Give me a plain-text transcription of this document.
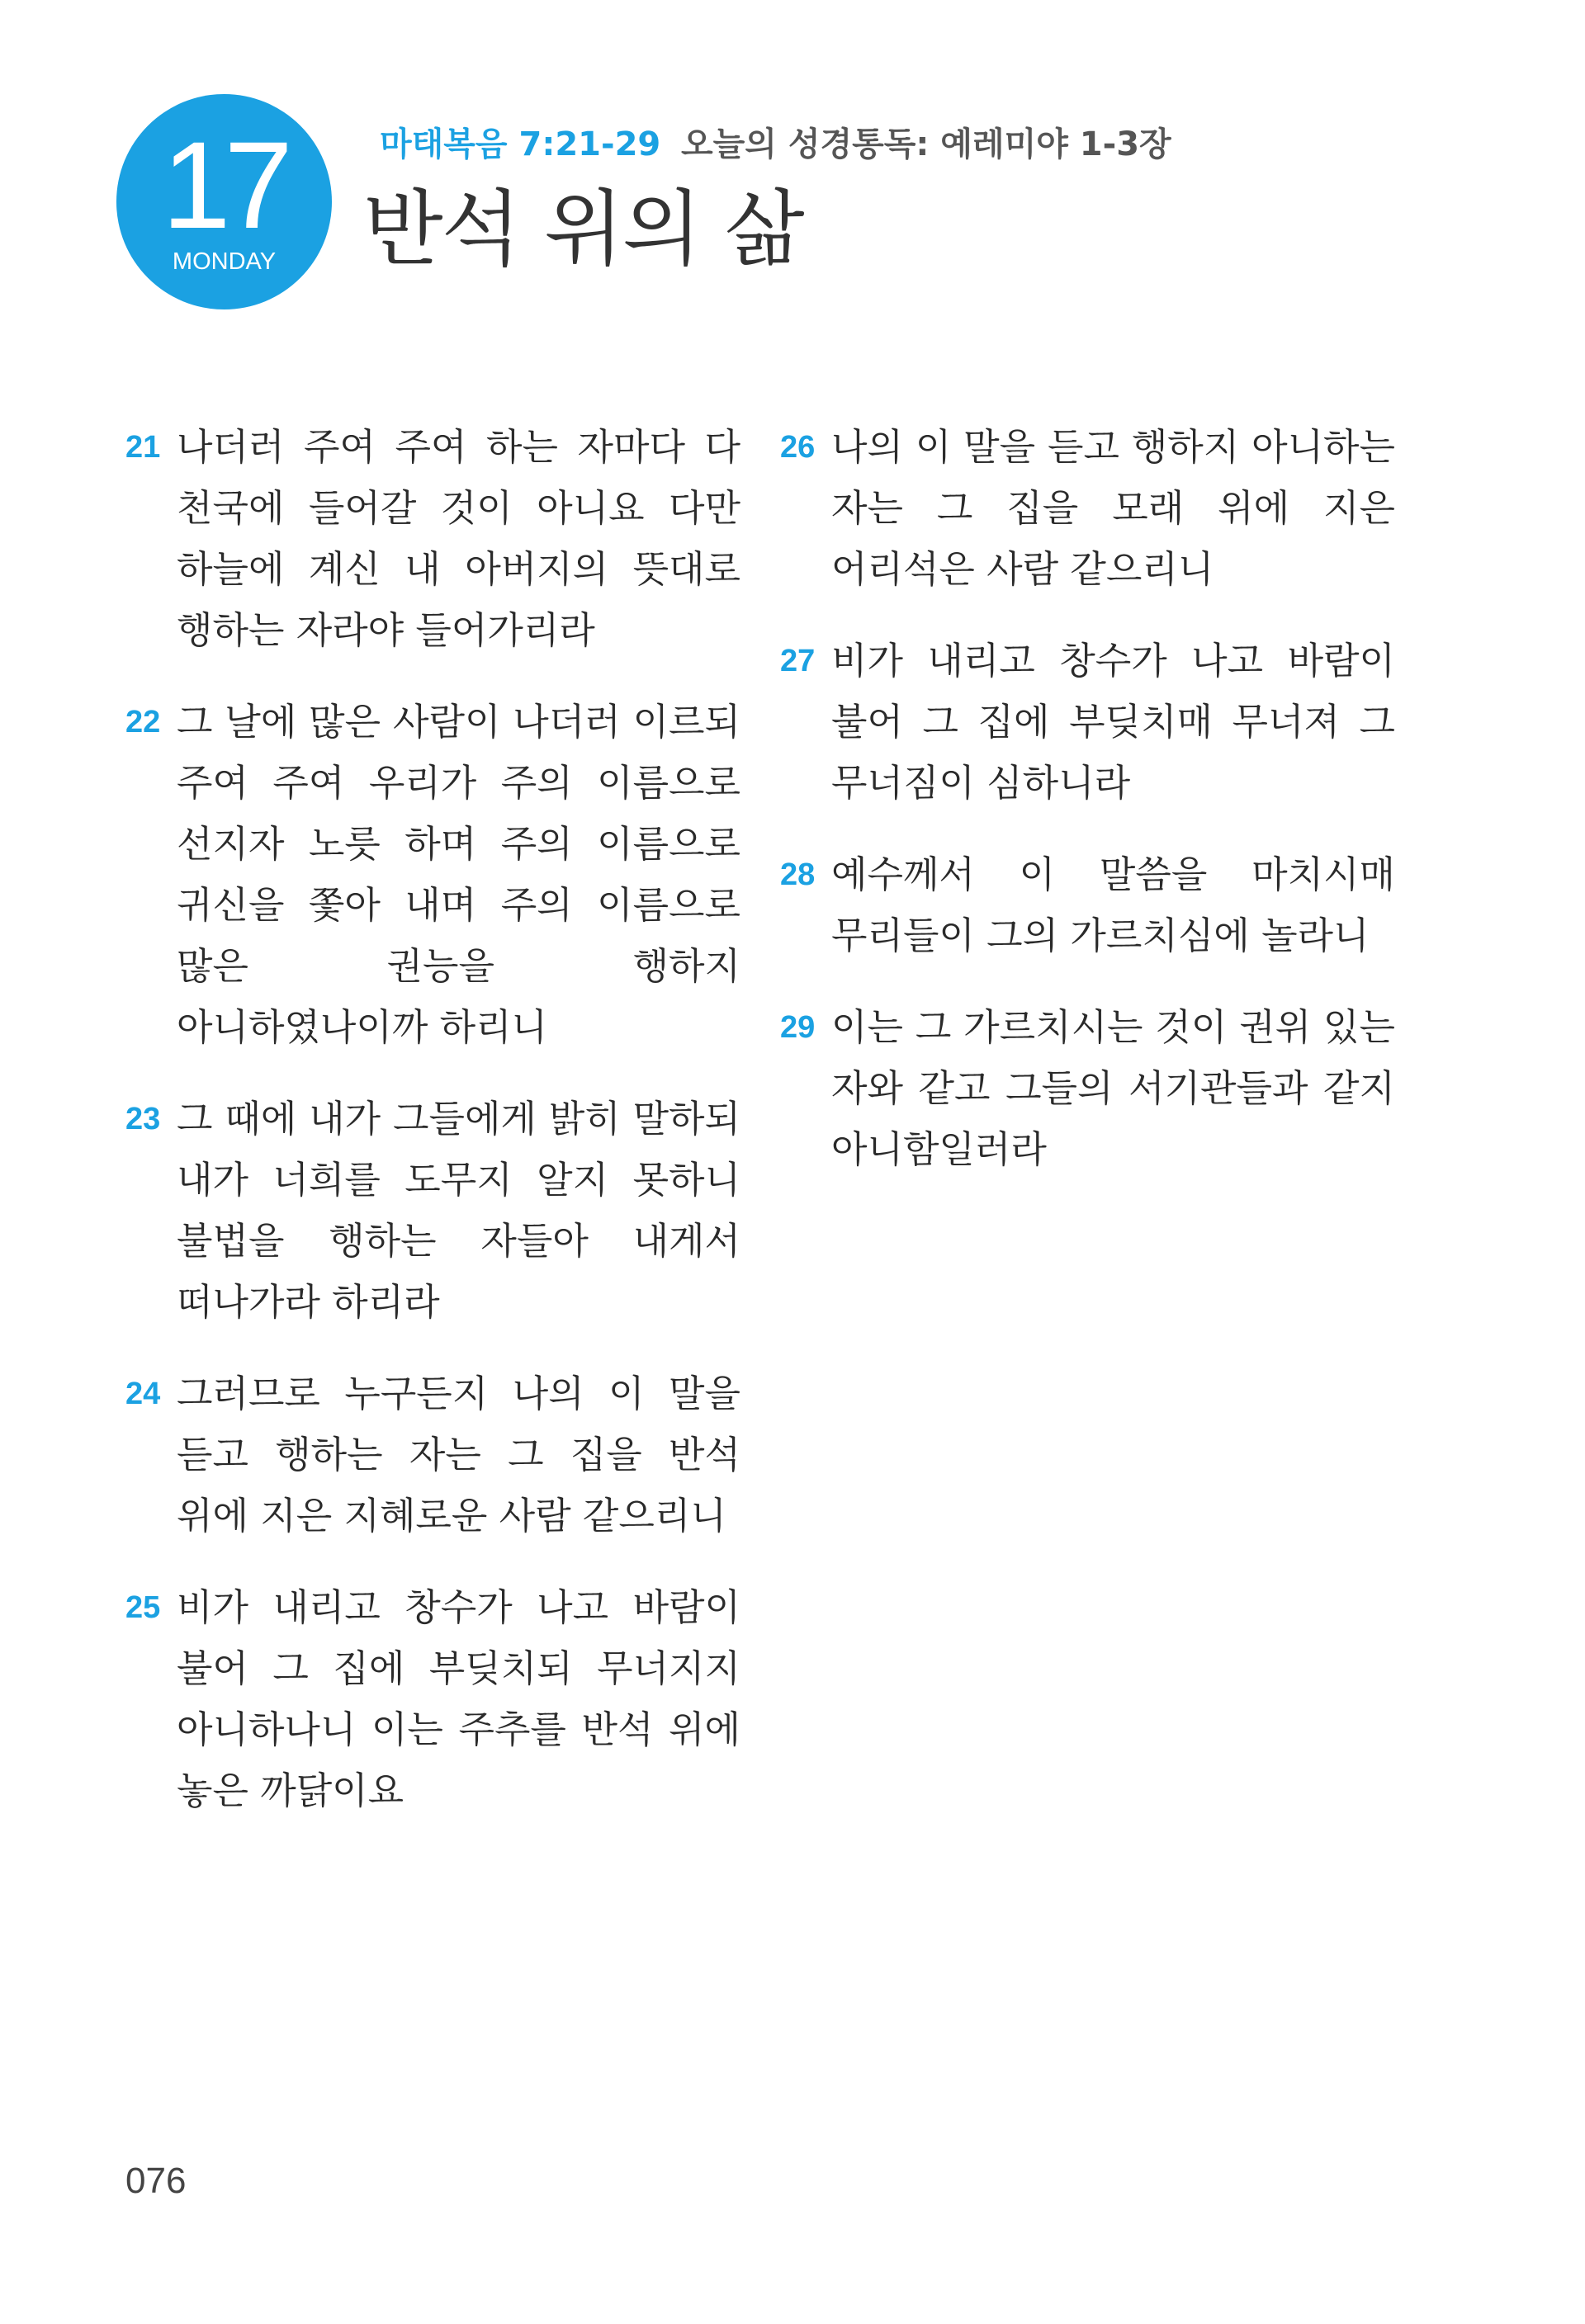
17
MONDAY
마태복음 7:21-29 오늘의 성경통독: 예레미야 1-3장
반석 위의 삶
21 나더러 주여 주여 하는 자마다 다 천국에 들어갈 것이 아니요 다만 하늘에 계신 내 아버지의 뜻대로 행하는 자라야 들어가리라
22 그 날에 많은 사람이 나더러 이르되 주여 주여 우리가 주의 이름으로 선지자 노릇 하며 주의 이름으로 귀신을 쫓아 내며 주의 이름으로 많은 권능을 행하지 아니하였나이까 하리니
23 그 때에 내가 그들에게 밝히 말하되 내가 너희를 도무지 알지 못하니 불법을 행하는 자들아 내게서 떠나가라 하리라
24 그러므로 누구든지 나의 이 말을 듣고 행하는 자는 그 집을 반석 위에 지은 지혜로운 사람 같으리니
25 비가 내리고 창수가 나고 바람이 불어 그 집에 부딪치되 무너지지 아니하나니 이는 주추를 반석 위에 놓은 까닭이요
26 나의 이 말을 듣고 행하지 아니하는 자는 그 집을 모래 위에 지은 어리석은 사람 같으리니
27 비가 내리고 창수가 나고 바람이 불어 그 집에 부딪치매 무너져 그 무너짐이 심하니라
28 예수께서 이 말씀을 마치시매 무리들이 그의 가르치심에 놀라니
29 이는 그 가르치시는 것이 권위 있는 자와 같고 그들의 서기관들과 같지 아니함일러라
076
